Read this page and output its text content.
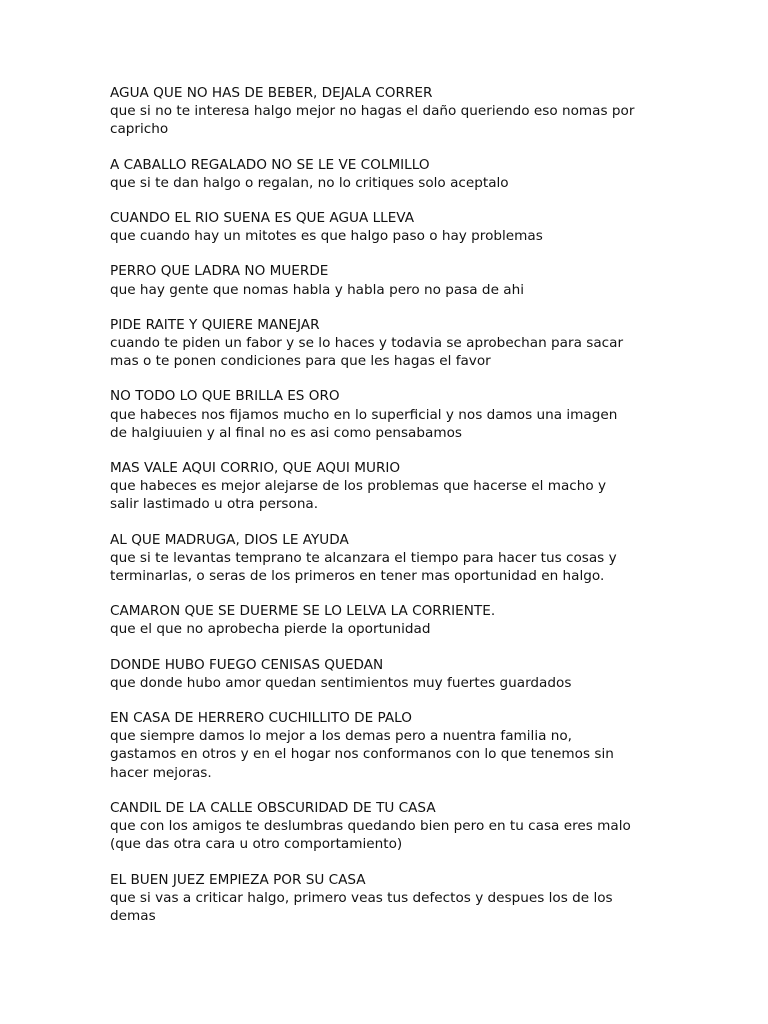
AGUA QUE NO HAS DE BEBER, DEJALA CORRER
que si no te interesa halgo mejor no hagas el daño queriendo eso nomas por
capricho
A CABALLO REGALADO NO SE LE VE COLMILLO
que si te dan halgo o regalan, no lo critiques solo aceptalo
CUANDO EL RIO SUENA ES QUE AGUA LLEVA
que cuando hay un mitotes es que halgo paso o hay problemas
PERRO QUE LADRA NO MUERDE
que hay gente que nomas habla y habla pero no pasa de ahi
PIDE RAITE Y QUIERE MANEJAR
cuando te piden un fabor y se lo haces y todavia se aprobechan para sacar
mas o te ponen condiciones para que les hagas el favor
NO TODO LO QUE BRILLA ES ORO
que habeces nos fijamos mucho en lo superficial y nos damos una imagen
de halgiuuien y al final no es asi como pensabamos
MAS VALE AQUI CORRIO, QUE AQUI MURIO
que habeces es mejor alejarse de los problemas que hacerse el macho y
salir lastimado u otra persona.
AL QUE MADRUGA, DIOS LE AYUDA
que si te levantas temprano te alcanzara el tiempo para hacer tus cosas y
terminarlas, o seras de los primeros en tener mas oportunidad en halgo.
CAMARON QUE SE DUERME SE LO LELVA LA CORRIENTE.
que el que no aprobecha pierde la oportunidad
DONDE HUBO FUEGO CENISAS QUEDAN
que donde hubo amor quedan sentimientos muy fuertes guardados
EN CASA DE HERRERO CUCHILLITO DE PALO
que siempre damos lo mejor a los demas pero a nuentra familia no,
gastamos en otros y en el hogar nos conformanos con lo que tenemos sin
hacer mejoras.
CANDIL DE LA CALLE OBSCURIDAD DE TU CASA
que con los amigos te deslumbras quedando bien pero en tu casa eres malo
(que das otra cara u otro comportamiento)
EL BUEN JUEZ EMPIEZA POR SU CASA
que si vas a criticar halgo, primero veas tus defectos y despues los de los
demas
